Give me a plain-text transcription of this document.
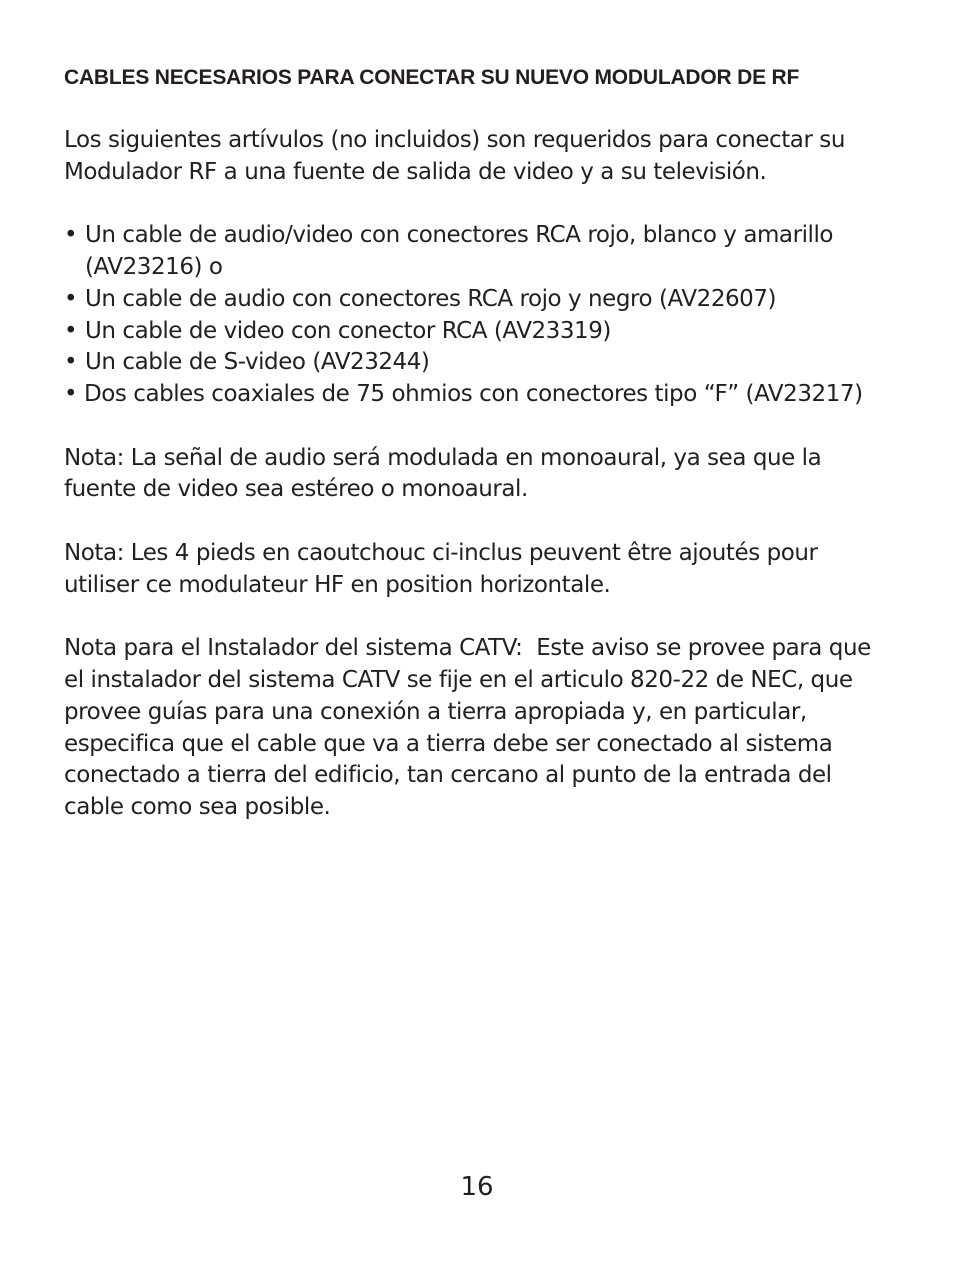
CABLES NECESARIOS PARA CONECTAR SU NUEVO MODULADOR DE RF

Los siguientes artívulos (no incluidos) son requeridos para conectar su Modulador RF a una fuente de salida de video y a su televisión.

• Un cable de audio/video con conectores RCA rojo, blanco y amarillo (AV23216) o
• Un cable de audio con conectores RCA rojo y negro (AV22607)
• Un cable de video con conector RCA (AV23319)
• Un cable de S-video (AV23244)
• Dos cables coaxiales de 75 ohmios con conectores tipo “F” (AV23217)

Nota: La señal de audio será modulada en monoaural, ya sea que la fuente de video sea estéreo o monoaural.

Nota: Les 4 pieds en caoutchouc ci-inclus peuvent être ajoutés pour utiliser ce modulateur HF en position horizontale.

Nota para el Instalador del sistema CATV:  Este aviso se provee para que el instalador del sistema CATV se fije en el articulo 820-22 de NEC, que provee guías para una conexión a tierra apropiada y, en particular, especifica que el cable que va a tierra debe ser conectado al sistema conectado a tierra del edificio, tan cercano al punto de la entrada del cable como sea posible.

16
